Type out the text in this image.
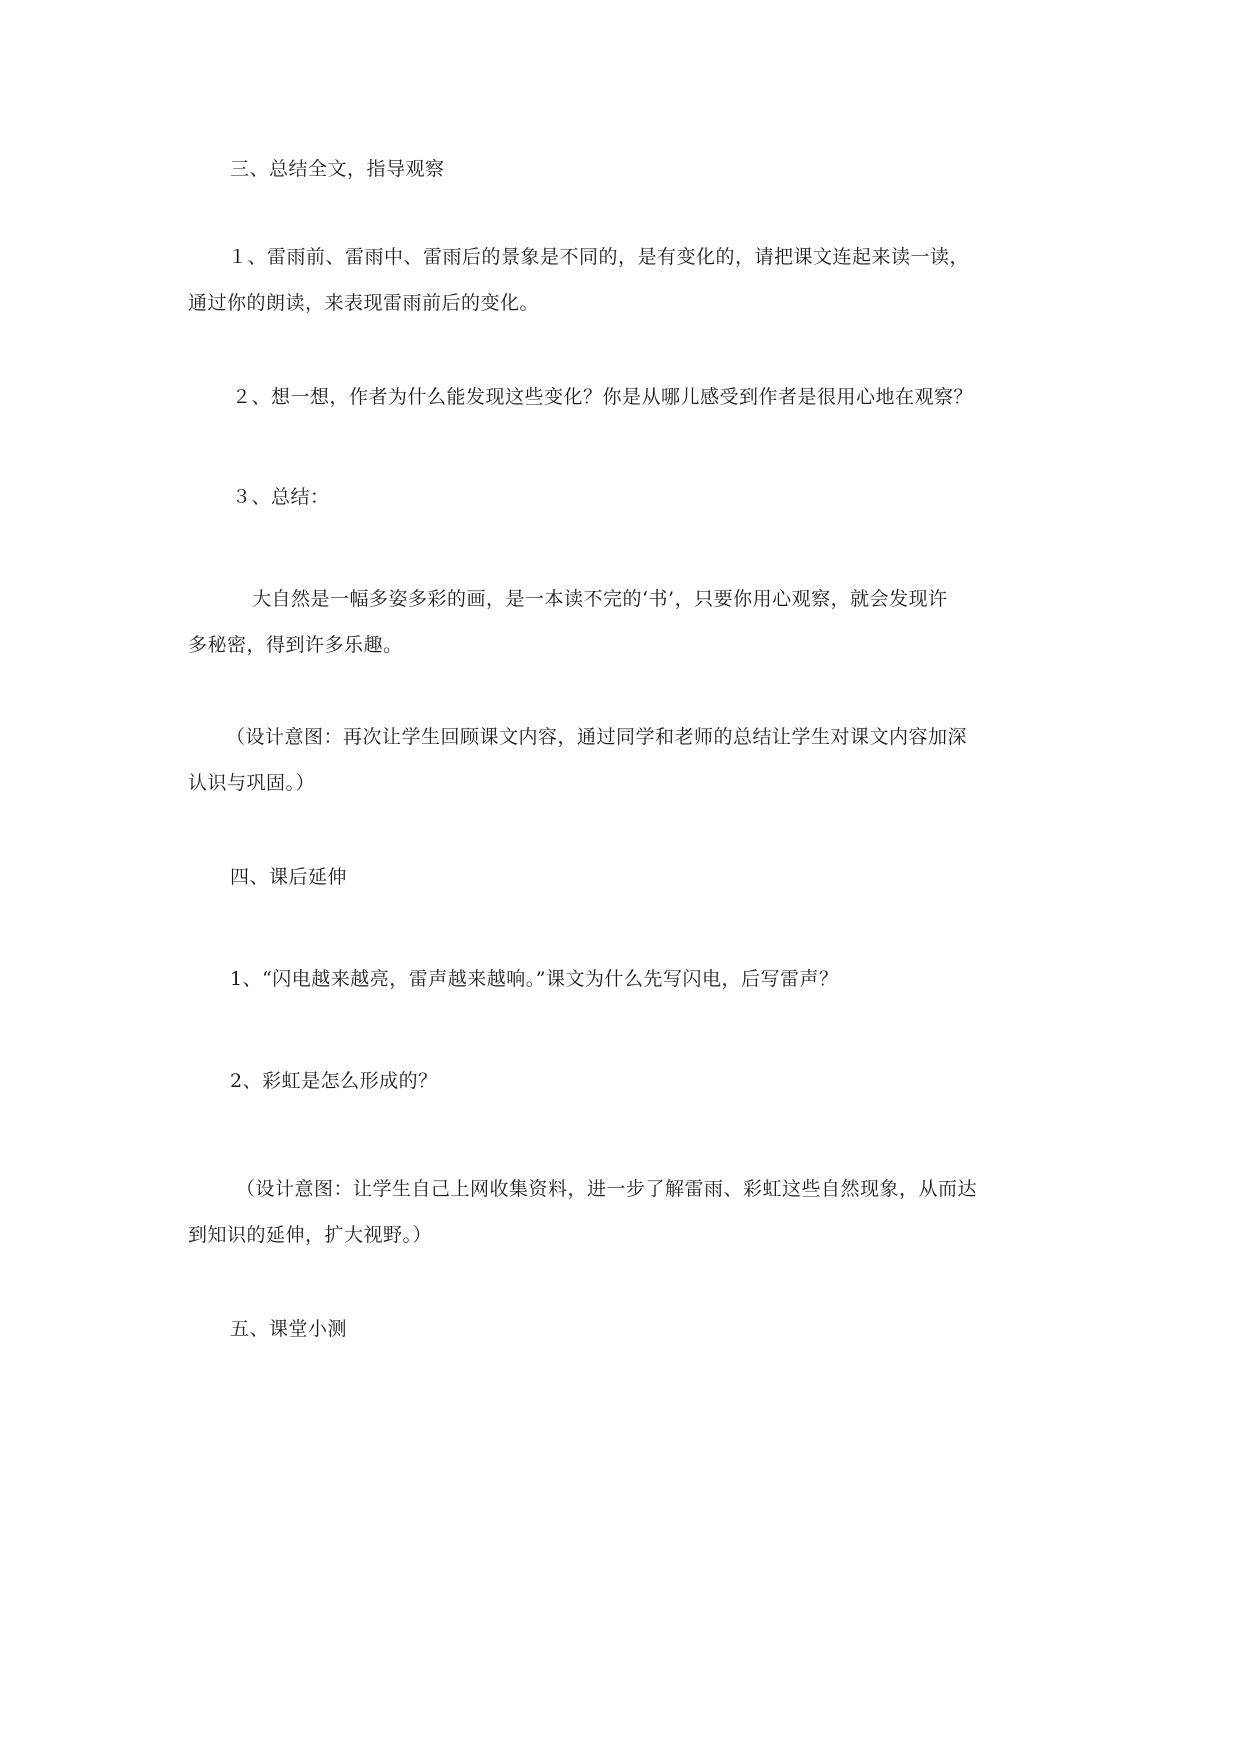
三、总结全文，指导观察
１、雷雨前、雷雨中、雷雨后的景象是不同的，是有变化的，请把课文连起来读一读，
通过你的朗读，来表现雷雨前后的变化。
２、想一想，作者为什么能发现这些变化？你是从哪儿感受到作者是很用心地在观察？
３、总结：
大自然是一幅多姿多彩的画，是一本读不完的‘书’，只要你用心观察，就会发现许
多秘密，得到许多乐趣。
（设计意图：再次让学生回顾课文内容，通过同学和老师的总结让学生对课文内容加深
认识与巩固。）
四、课后延伸
1、“闪电越来越亮，雷声越来越响。”课文为什么先写闪电，后写雷声？
2、彩虹是怎么形成的？
（设计意图：让学生自己上网收集资料，进一步了解雷雨、彩虹这些自然现象，从而达
到知识的延伸，扩大视野。）
五、课堂小测
